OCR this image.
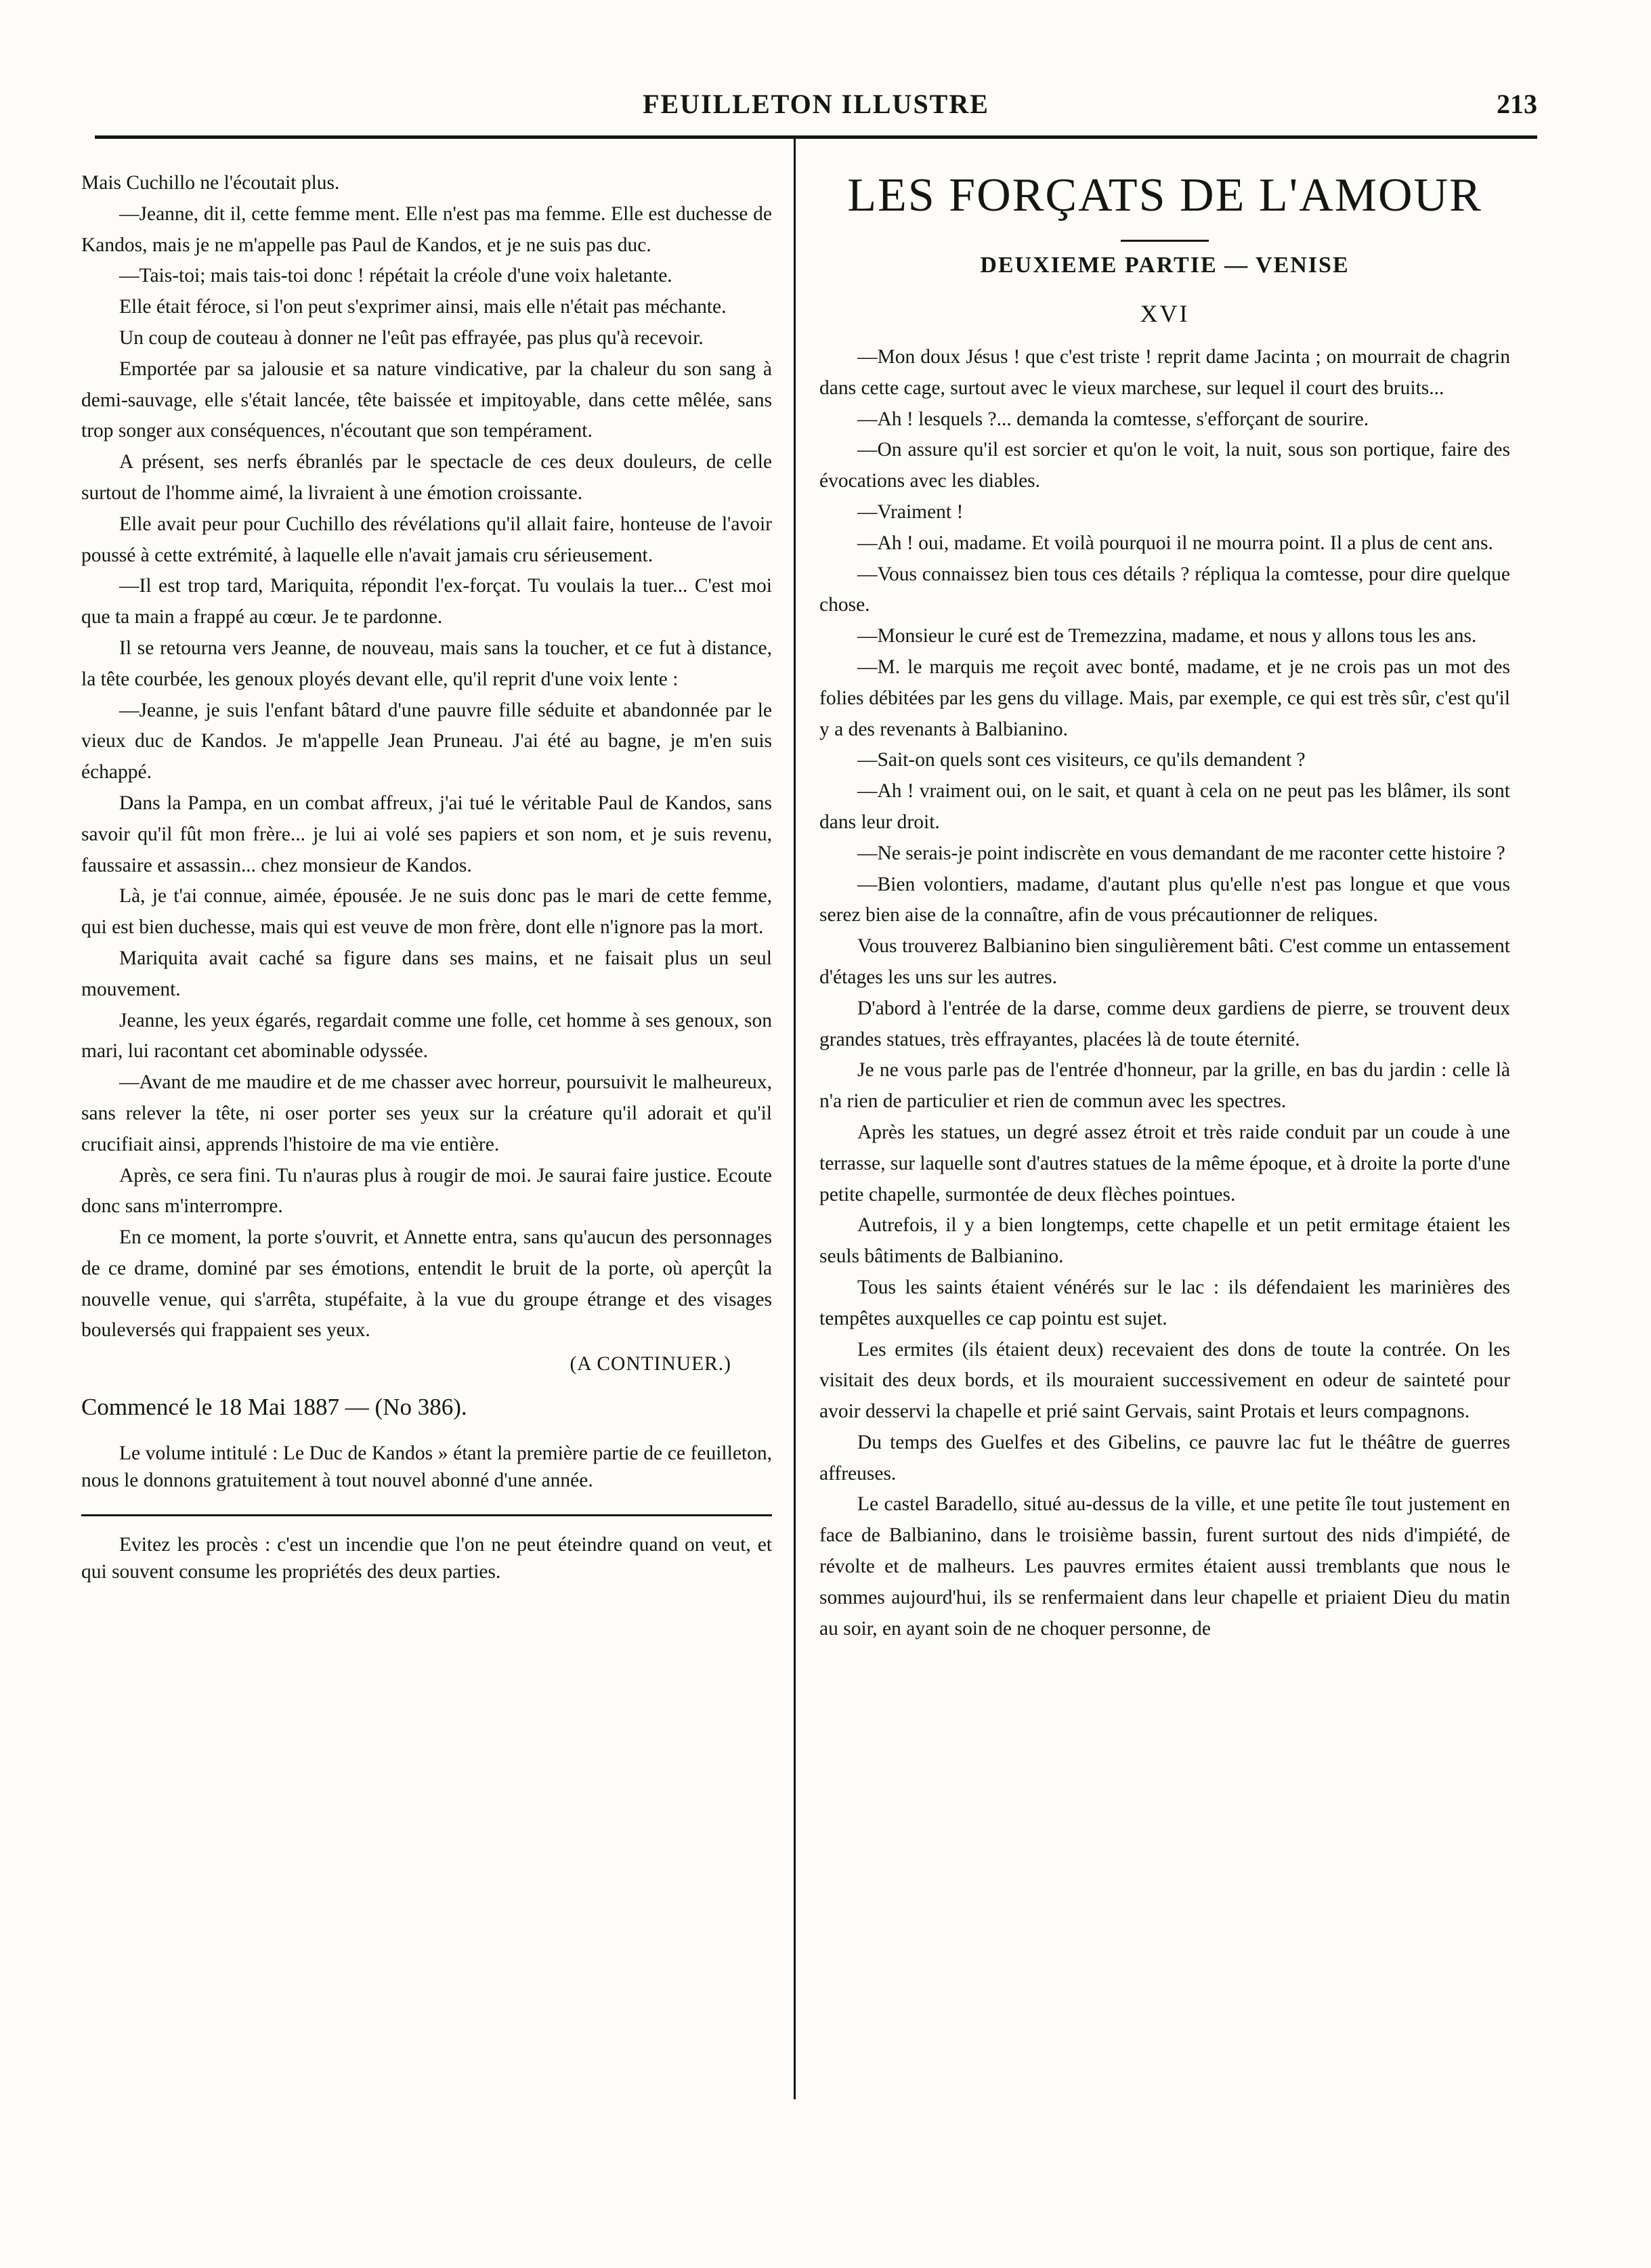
FEUILLETON ILLUSTRE	213

Mais Cuchillo ne l'écoutait plus.

—Jeanne, dit il, cette femme ment. Elle n'est pas ma femme. Elle est duchesse de Kandos, mais je ne m'appelle pas Paul de Kandos, et je ne suis pas duc.

—Tais-toi; mais tais-toi donc ! répétait la créole d'une voix haletante.

Elle était féroce, si l'on peut s'exprimer ainsi, mais elle n'était pas méchante.

Un coup de couteau à donner ne l'eût pas effrayée, pas plus qu'à recevoir.

Emportée par sa jalousie et sa nature vindicative, par la chaleur du son sang à demi-sauvage, elle s'était lancée, tête baissée et impitoyable, dans cette mêlée, sans trop songer aux conséquences, n'écoutant que son tempérament.

A présent, ses nerfs ébranlés par le spectacle de ces deux douleurs, de celle surtout de l'homme aimé, la livraient à une émotion croissante.

Elle avait peur pour Cuchillo des révélations qu'il allait faire, honteuse de l'avoir poussé à cette extrémité, à laquelle elle n'avait jamais cru sérieusement.

—Il est trop tard, Mariquita, répondit l'ex-forçat. Tu voulais la tuer... C'est moi que ta main a frappé au cœur. Je te pardonne.

Il se retourna vers Jeanne, de nouveau, mais sans la toucher, et ce fut à distance, la tête courbée, les genoux ployés devant elle, qu'il reprit d'une voix lente :

—Jeanne, je suis l'enfant bâtard d'une pauvre fille séduite et abandonnée par le vieux duc de Kandos. Je m'appelle Jean Pruneau. J'ai été au bagne, je m'en suis échappé.

Dans la Pampa, en un combat affreux, j'ai tué le véritable Paul de Kandos, sans savoir qu'il fût mon frère... je lui ai volé ses papiers et son nom, et je suis revenu, faussaire et assassin... chez monsieur de Kandos.

Là, je t'ai connue, aimée, épousée. Je ne suis donc pas le mari de cette femme, qui est bien duchesse, mais qui est veuve de mon frère, dont elle n'ignore pas la mort.

Mariquita avait caché sa figure dans ses mains, et ne faisait plus un seul mouvement.

Jeanne, les yeux égarés, regardait comme une folle, cet homme à ses genoux, son mari, lui racontant cet abominable odyssée.

—Avant de me maudire et de me chasser avec horreur, poursuivit le malheureux, sans relever la tête, ni oser porter ses yeux sur la créature qu'il adorait et qu'il crucifiait ainsi, apprends l'histoire de ma vie entière.

Après, ce sera fini. Tu n'auras plus à rougir de moi. Je saurai faire justice. Ecoute donc sans m'interrompre.

En ce moment, la porte s'ouvrit, et Annette entra, sans qu'aucun des personnages de ce drame, dominé par ses émotions, entendit le bruit de la porte, où aperçût la nouvelle venue, qui s'arrêta, stupéfaite, à la vue du groupe étrange et des visages bouleversés qui frappaient ses yeux.

(A CONTINUER.)

Commencé le 18 Mai 1887 — (No 386).

Le volume intitulé : Le Duc de Kandos » étant la première partie de ce feuilleton, nous le donnons gratuitement à tout nouvel abonné d'une année.

Evitez les procès : c'est un incendie que l'on ne peut éteindre quand on veut, et qui souvent consume les propriétés des deux parties.

LES FORÇATS DE L'AMOUR
DEUXIEME PARTIE — VENISE
XVI

—Mon doux Jésus ! que c'est triste ! reprit dame Jacinta ; on mourrait de chagrin dans cette cage, surtout avec le vieux marchese, sur lequel il court des bruits...

—Ah ! lesquels ?... demanda la comtesse, s'efforçant de sourire.

—On assure qu'il est sorcier et qu'on le voit, la nuit, sous son portique, faire des évocations avec les diables.

—Vraiment !

—Ah ! oui, madame. Et voilà pourquoi il ne mourra point. Il a plus de cent ans.

—Vous connaissez bien tous ces détails ? répliqua la comtesse, pour dire quelque chose.

—Monsieur le curé est de Tremezzina, madame, et nous y allons tous les ans.

—M. le marquis me reçoit avec bonté, madame, et je ne crois pas un mot des folies débitées par les gens du village. Mais, par exemple, ce qui est très sûr, c'est qu'il y a des revenants à Balbianino.

—Sait-on quels sont ces visiteurs, ce qu'ils demandent ?

—Ah ! vraiment oui, on le sait, et quant à cela on ne peut pas les blâmer, ils sont dans leur droit.

—Ne serais-je point indiscrète en vous demandant de me raconter cette histoire ?

—Bien volontiers, madame, d'autant plus qu'elle n'est pas longue et que vous serez bien aise de la connaître, afin de vous précautionner de reliques.

Vous trouverez Balbianino bien singulièrement bâti. C'est comme un entassement d'étages les uns sur les autres.

D'abord à l'entrée de la darse, comme deux gardiens de pierre, se trouvent deux grandes statues, très effrayantes, placées là de toute éternité.

Je ne vous parle pas de l'entrée d'honneur, par la grille, en bas du jardin : celle là n'a rien de particulier et rien de commun avec les spectres.

Après les statues, un degré assez étroit et très raide conduit par un coude à une terrasse, sur laquelle sont d'autres statues de la même époque, et à droite la porte d'une petite chapelle, surmontée de deux flèches pointues.

Autrefois, il y a bien longtemps, cette chapelle et un petit ermitage étaient les seuls bâtiments de Balbianino.

Tous les saints étaient vénérés sur le lac : ils défendaient les marinières des tempêtes auxquelles ce cap pointu est sujet.

Les ermites (ils étaient deux) recevaient des dons de toute la contrée. On les visitait des deux bords, et ils mouraient successivement en odeur de sainteté pour avoir desservi la chapelle et prié saint Gervais, saint Protais et leurs compagnons.

Du temps des Guelfes et des Gibelins, ce pauvre lac fut le théâtre de guerres affreuses.

Le castel Baradello, situé au-dessus de la ville, et une petite île tout justement en face de Balbianino, dans le troisième bassin, furent surtout des nids d'impiété, de révolte et de malheurs. Les pauvres ermites étaient aussi tremblants que nous le sommes aujourd'hui, ils se renfermaient dans leur chapelle et priaient Dieu du matin au soir, en ayant soin de ne choquer personne, de
